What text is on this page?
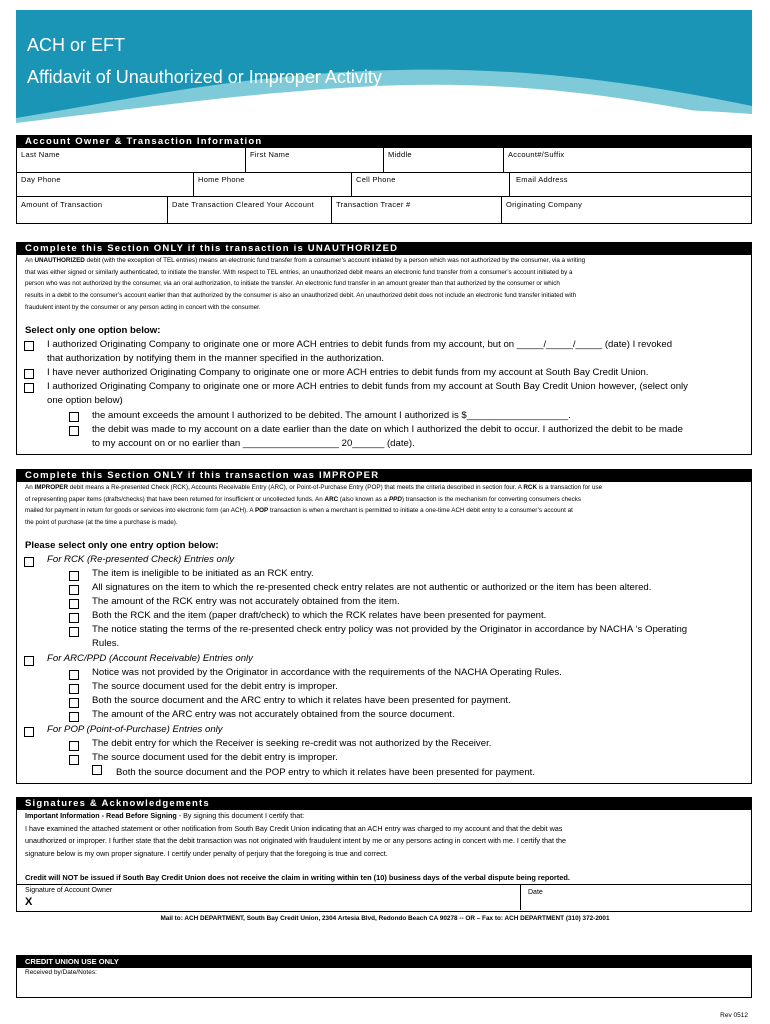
ACH or EFT
Affidavit of Unauthorized or Improper Activity
Account Owner & Transaction Information
Last Name	First Name	Middle	Account#/Suffix
Day Phone	Home Phone	Cell Phone	Email Address
Amount of Transaction	Date Transaction Cleared Your Account	Transaction Tracer #	Originating Company
Complete this Section ONLY if this transaction is UNAUTHORIZED
An UNAUTHORIZED debit (with the exception of TEL entries) means an electronic fund transfer from a consumer’s account initiated by a person which was not authorized by the consumer, via a writing
that was either signed or similarly authenticated, to initiate the transfer. With respect to TEL entries, an unauthorized debit means an electronic fund transfer from a consumer’s account initiated by a
person who was not authorized by the consumer, via an oral authorization, to initiate the transfer. An electronic fund transfer in an amount greater than that authorized by the consumer or which
results in a debit to the consumer’s account earlier than that authorized by the consumer is also an unauthorized debit. An unauthorized debit does not include an electronic fund transfer initiated with
fraudulent intent by the consumer or any person acting in concert with the consumer.
Select only one option below:
I authorized Originating Company to originate one or more ACH entries to debit funds from my account, but on _____/_____/_____ (date) I revoked
that authorization by notifying them in the manner specified in the authorization.
I have never authorized Originating Company to originate one or more ACH entries to debit funds from my account at South Bay Credit Union.
I authorized Originating Company to originate one or more ACH entries to debit funds from my account at South Bay Credit Union however, (select only
one option below)
the amount exceeds the amount I authorized to be debited. The amount I authorized is $___________________.
the debit was made to my account on a date earlier than the date on which I authorized the debit to occur. I authorized the debit to be made
to my account on or no earlier than __________________ 20______ (date).
Complete this Section ONLY if this transaction was IMPROPER
An IMPROPER debit means a Re-presented Check (RCK), Accounts Receivable Entry (ARC), or Point-of-Purchase Entry (POP) that meets the criteria described in section four. A RCK is a transaction for use
of representing paper items (drafts/checks) that have been returned for insufficient or uncollected funds. An ARC (also known as a PPD) transaction is the mechanism for converting consumers checks
mailed for payment in return for goods or services into electronic form (an ACH). A POP transaction is when a merchant is permitted to initiate a one-time ACH debit entry to a consumer’s account at
the point of purchase (at the time a purchase is made).
Please select only one entry option below:
For RCK (Re-presented Check) Entries only
The item is ineligible to be initiated as an RCK entry.
All signatures on the item to which the re-presented check entry relates are not authentic or authorized or the item has been altered.
The amount of the RCK entry was not accurately obtained from the item.
Both the RCK and the item (paper draft/check) to which the RCK relates have been presented for payment.
The notice stating the terms of the re-presented check entry policy was not provided by the Originator in accordance by NACHA ‘s Operating
Rules.
For ARC/PPD (Account Receivable) Entries only
Notice was not provided by the Originator in accordance with the requirements of the NACHA Operating Rules.
The source document used for the debit entry is improper.
Both the source document and the ARC entry to which it relates have been presented for payment.
The amount of the ARC entry was not accurately obtained from the source document.
For POP (Point-of-Purchase) Entries only
The debit entry for which the Receiver is seeking re-credit was not authorized by the Receiver.
The source document used for the debit entry is improper.
Both the source document and the POP entry to which it relates have been presented for payment.
Signatures & Acknowledgements
Important Information - Read Before Signing - By signing this document I certify that:
I have examined the attached statement or other notification from South Bay Credit Union indicating that an ACH entry was charged to my account and that the debit was
unauthorized or improper. I further state that the debit transaction was not originated with fraudulent intent by me or any persons acting in concert with me. I certify that the
signature below is my own proper signature. I certify under penalty of perjury that the foregoing is true and correct.
Credit will NOT be issued if South Bay Credit Union does not receive the claim in writing within ten (10) business days of the verbal dispute being reported.
Signature of Account Owner
X
Date
Mail to: ACH DEPARTMENT, South Bay Credit Union, 2304 Artesia Blvd, Redondo Beach CA 90278 -- OR – Fax to: ACH DEPARTMENT (310) 372-2001
CREDIT UNION USE ONLY
Received by/Date/Notes:
Rev 0512
